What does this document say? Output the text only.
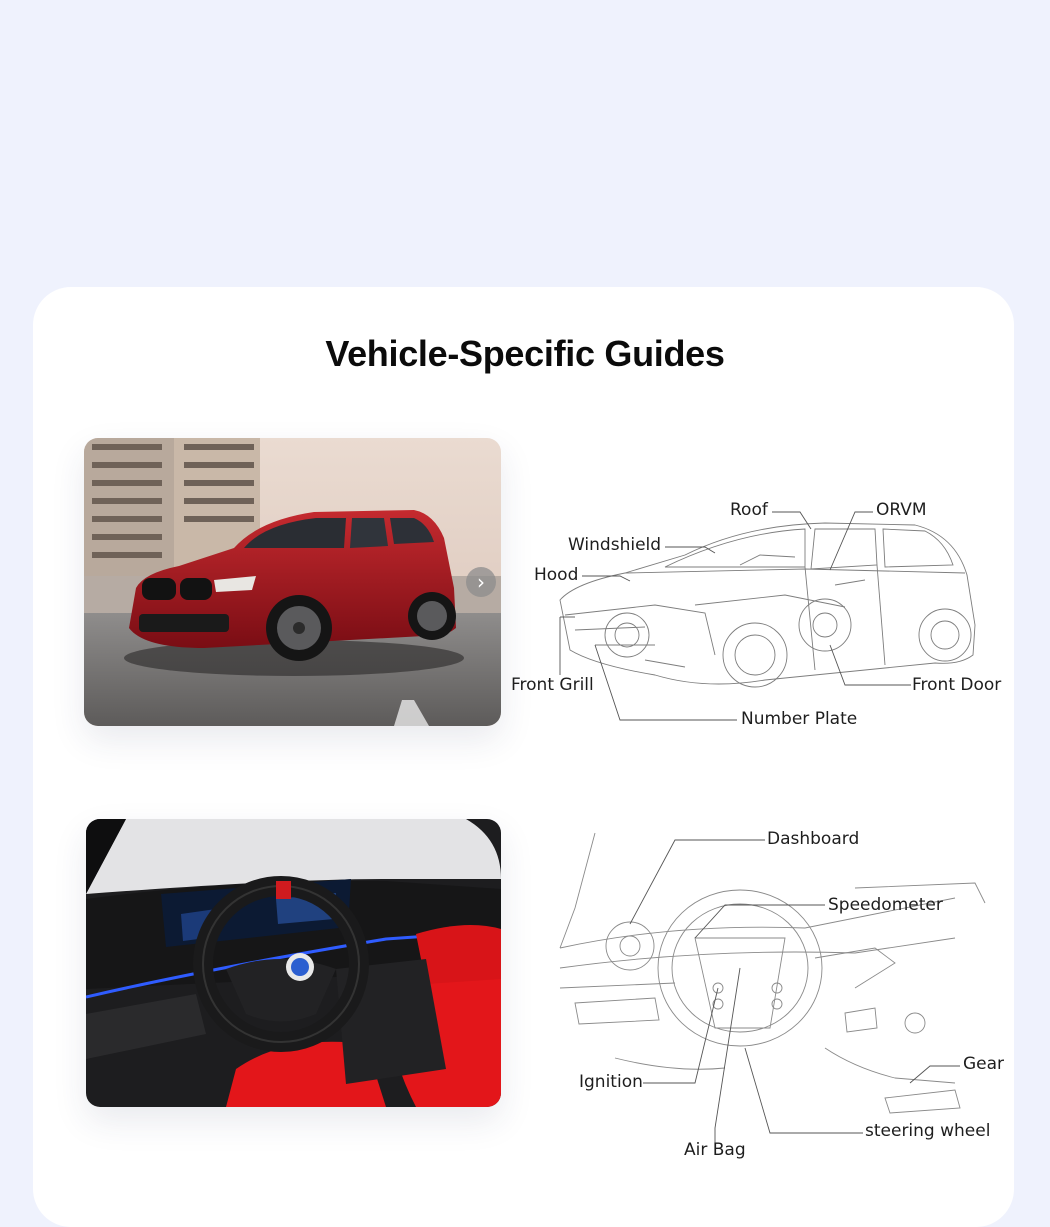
Vehicle-Specific Guides
›
Roof	ORVM
Windshield
Hood
Front Grill	Front Door
Number Plate
Dashboard
Speedometer
Gear
Ignition
Air Bag
steering wheel
